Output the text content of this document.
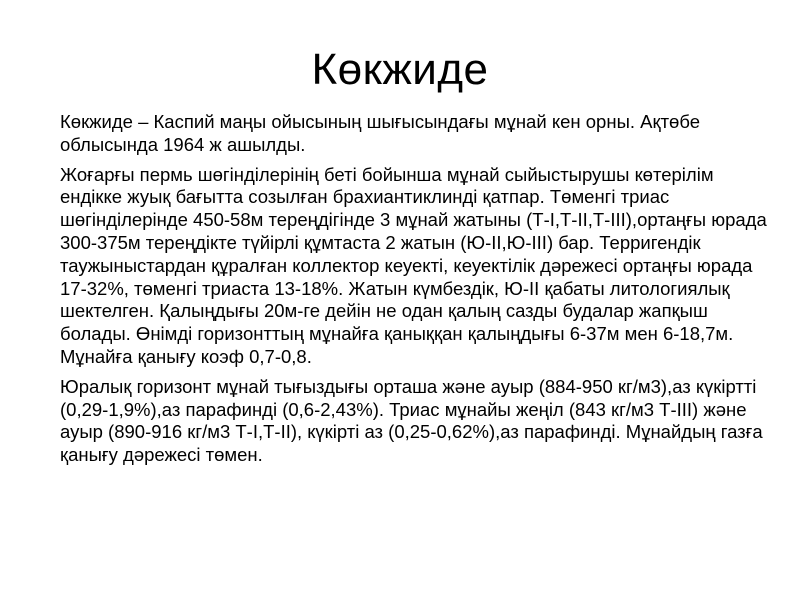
Көкжиде

Көкжиде – Каспий маңы ойысының шығысындағы мұнай кен орны. Ақтөбе облысында 1964 ж ашылды.

Жоғарғы пермь шөгінділерінің беті бойынша мұнай сыйыстырушы көтерілім ендікке жуық бағытта созылған брахиантиклинді қатпар. Төменгі триас шөгінділерінде 450-58м тереңдігінде 3 мұнай жатыны (Т-I,Т-II,Т-III),ортаңғы юрада 300-375м тереңдікте түйірлі құмтаста 2 жатын (Ю-II,Ю-III) бар. Терригендік таужыныстардан құралған коллектор кеуекті, кеуектілік дәрежесі ортаңғы юрада 17-32%, төменгі триаста 13-18%. Жатын күмбездік, Ю-II қабаты литологиялық шектелген. Қалыңдығы 20м-ге дейін не одан қалың сазды будалар жапқыш болады. Өнімді горизонттың мұнайға қаныққан қалыңдығы 6-37м мен 6-18,7м. Мұнайға қанығу коэф 0,7-0,8.

Юралық горизонт мұнай тығыздығы орташа және ауыр (884-950 кг/м3),аз күкіртті (0,29-1,9%),аз парафинді (0,6-2,43%). Триас мұнайы жеңіл (843 кг/м3 Т-III) және ауыр (890-916 кг/м3 Т-I,Т-II), күкірті аз (0,25-0,62%),аз парафинді. Мұнайдың газға қанығу дәрежесі төмен.
